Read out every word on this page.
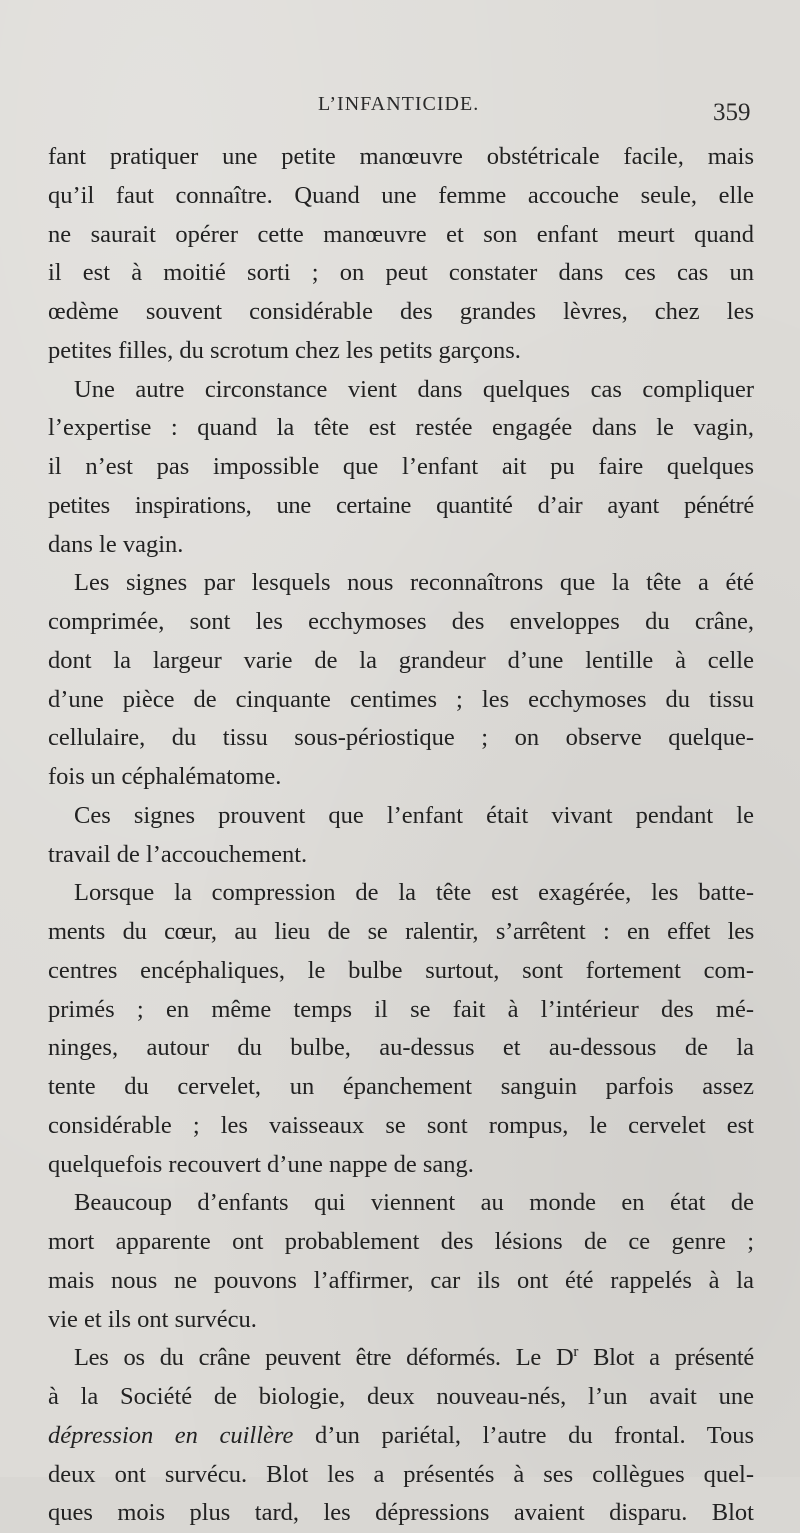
L’INFANTICIDE.	359
fant pratiquer une petite manœuvre obstétricale facile, mais
qu’il faut connaître. Quand une femme accouche seule, elle
ne saurait opérer cette manœuvre et son enfant meurt quand
il est à moitié sorti ; on peut constater dans ces cas un
œdème souvent considérable des grandes lèvres, chez les
petites filles, du scrotum chez les petits garçons.
Une autre circonstance vient dans quelques cas compliquer
l’expertise : quand la tête est restée engagée dans le vagin,
il n’est pas impossible que l’enfant ait pu faire quelques
petites inspirations, une certaine quantité d’air ayant pénétré
dans le vagin.
Les signes par lesquels nous reconnaîtrons que la tête a été
comprimée, sont les ecchymoses des enveloppes du crâne,
dont la largeur varie de la grandeur d’une lentille à celle
d’une pièce de cinquante centimes ; les ecchymoses du tissu
cellulaire, du tissu sous-périostique ; on observe quelque-
fois un céphalématome.
Ces signes prouvent que l’enfant était vivant pendant le
travail de l’accouchement.
Lorsque la compression de la tête est exagérée, les batte-
ments du cœur, au lieu de se ralentir, s’arrêtent : en effet les
centres encéphaliques, le bulbe surtout, sont fortement com-
primés ; en même temps il se fait à l’intérieur des mé-
ninges, autour du bulbe, au-dessus et au-dessous de la
tente du cervelet, un épanchement sanguin parfois assez
considérable ; les vaisseaux se sont rompus, le cervelet est
quelquefois recouvert d’une nappe de sang.
Beaucoup d’enfants qui viennent au monde en état de
mort apparente ont probablement des lésions de ce genre ;
mais nous ne pouvons l’affirmer, car ils ont été rappelés à la
vie et ils ont survécu.
Les os du crâne peuvent être déformés. Le $D^r$ Blot a présenté
à la Société de biologie, deux nouveau-nés, l’un avait une
dépression en cuillère d’un pariétal, l’autre du frontal. Tous
deux ont survécu. Blot les a présentés à ses collègues quel-
ques mois plus tard, les dépressions avaient disparu. Blot
